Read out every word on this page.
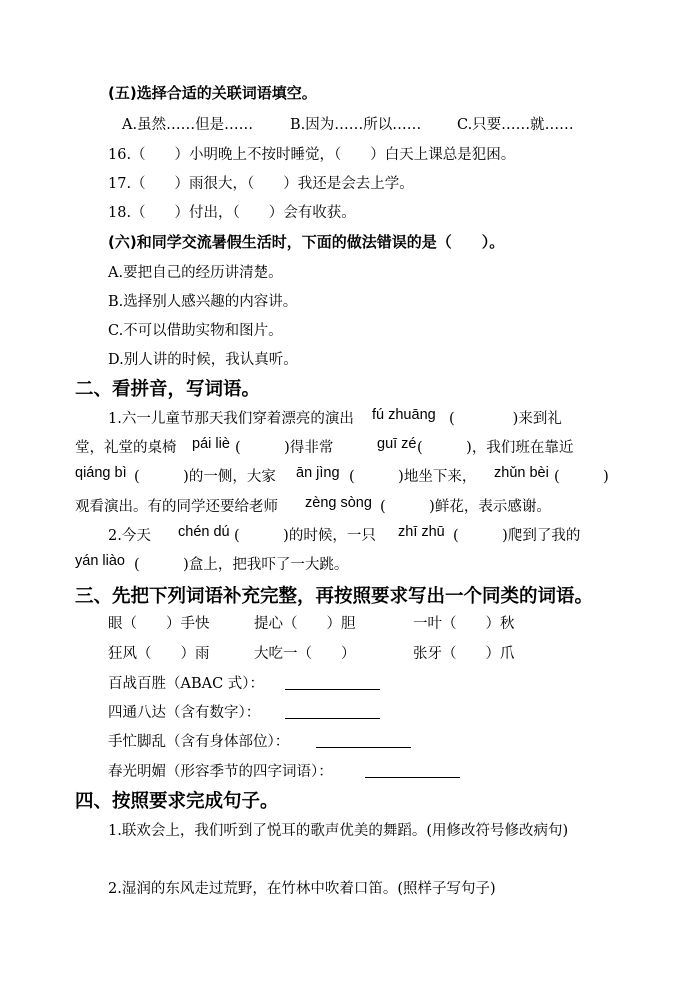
(五)选择合适的关联词语填空。
A.虽然……但是……	B.因为……所以…… C.只要……就……
16.（　　）小明晚上不按时睡觉，（　　）白天上课总是犯困。
17.（　　）雨很大，（　　）我还是会去上学。
18.（　　）付出，（　　）会有收获。
(六)和同学交流暑假生活时，下面的做法错误的是（　　）。
A.要把自己的经历讲清楚。
B.选择别人感兴趣的内容讲。
C.不可以借助实物和图片。
D.别人讲的时候，我认真听。
二、看拼音，写词语。
1.六一儿童节那天我们穿着漂亮的演出 fú zhuāng (　　　　)来到礼
堂，礼堂的桌椅 pái liè (　　　)得非常	guī zé (　　　)，我们班在靠近
qiáng bì (　　　)的一侧，大家 ān jìng (　　　)地坐下来， zhǔn bèi (　　　)
观看演出。有的同学还要给老师 zèng sòng (　　　)鲜花，表示感谢。
2.今天 chén dú (　　　)的时候，一只 zhī zhū (　　　)爬到了我的
yán liào (　　　)盒上，把我吓了一大跳。
三、先把下列词语补充完整，再按照要求写出一个同类的词语。
眼（　　）手快	提心（　　）胆	一叶（　　）秋
狂风（　　）雨	大吃一（　　）	张牙（　　）爪
百战百胜（ABAC 式）：
四通八达（含有数字）：
手忙脚乱（含有身体部位）：
春光明媚（形容季节的四字词语）：
四、按照要求完成句子。
1.联欢会上，我们听到了悦耳的歌声优美的舞蹈。(用修改符号修改病句)
2.湿润的东风走过荒野，在竹林中吹着口笛。(照样子写句子)
